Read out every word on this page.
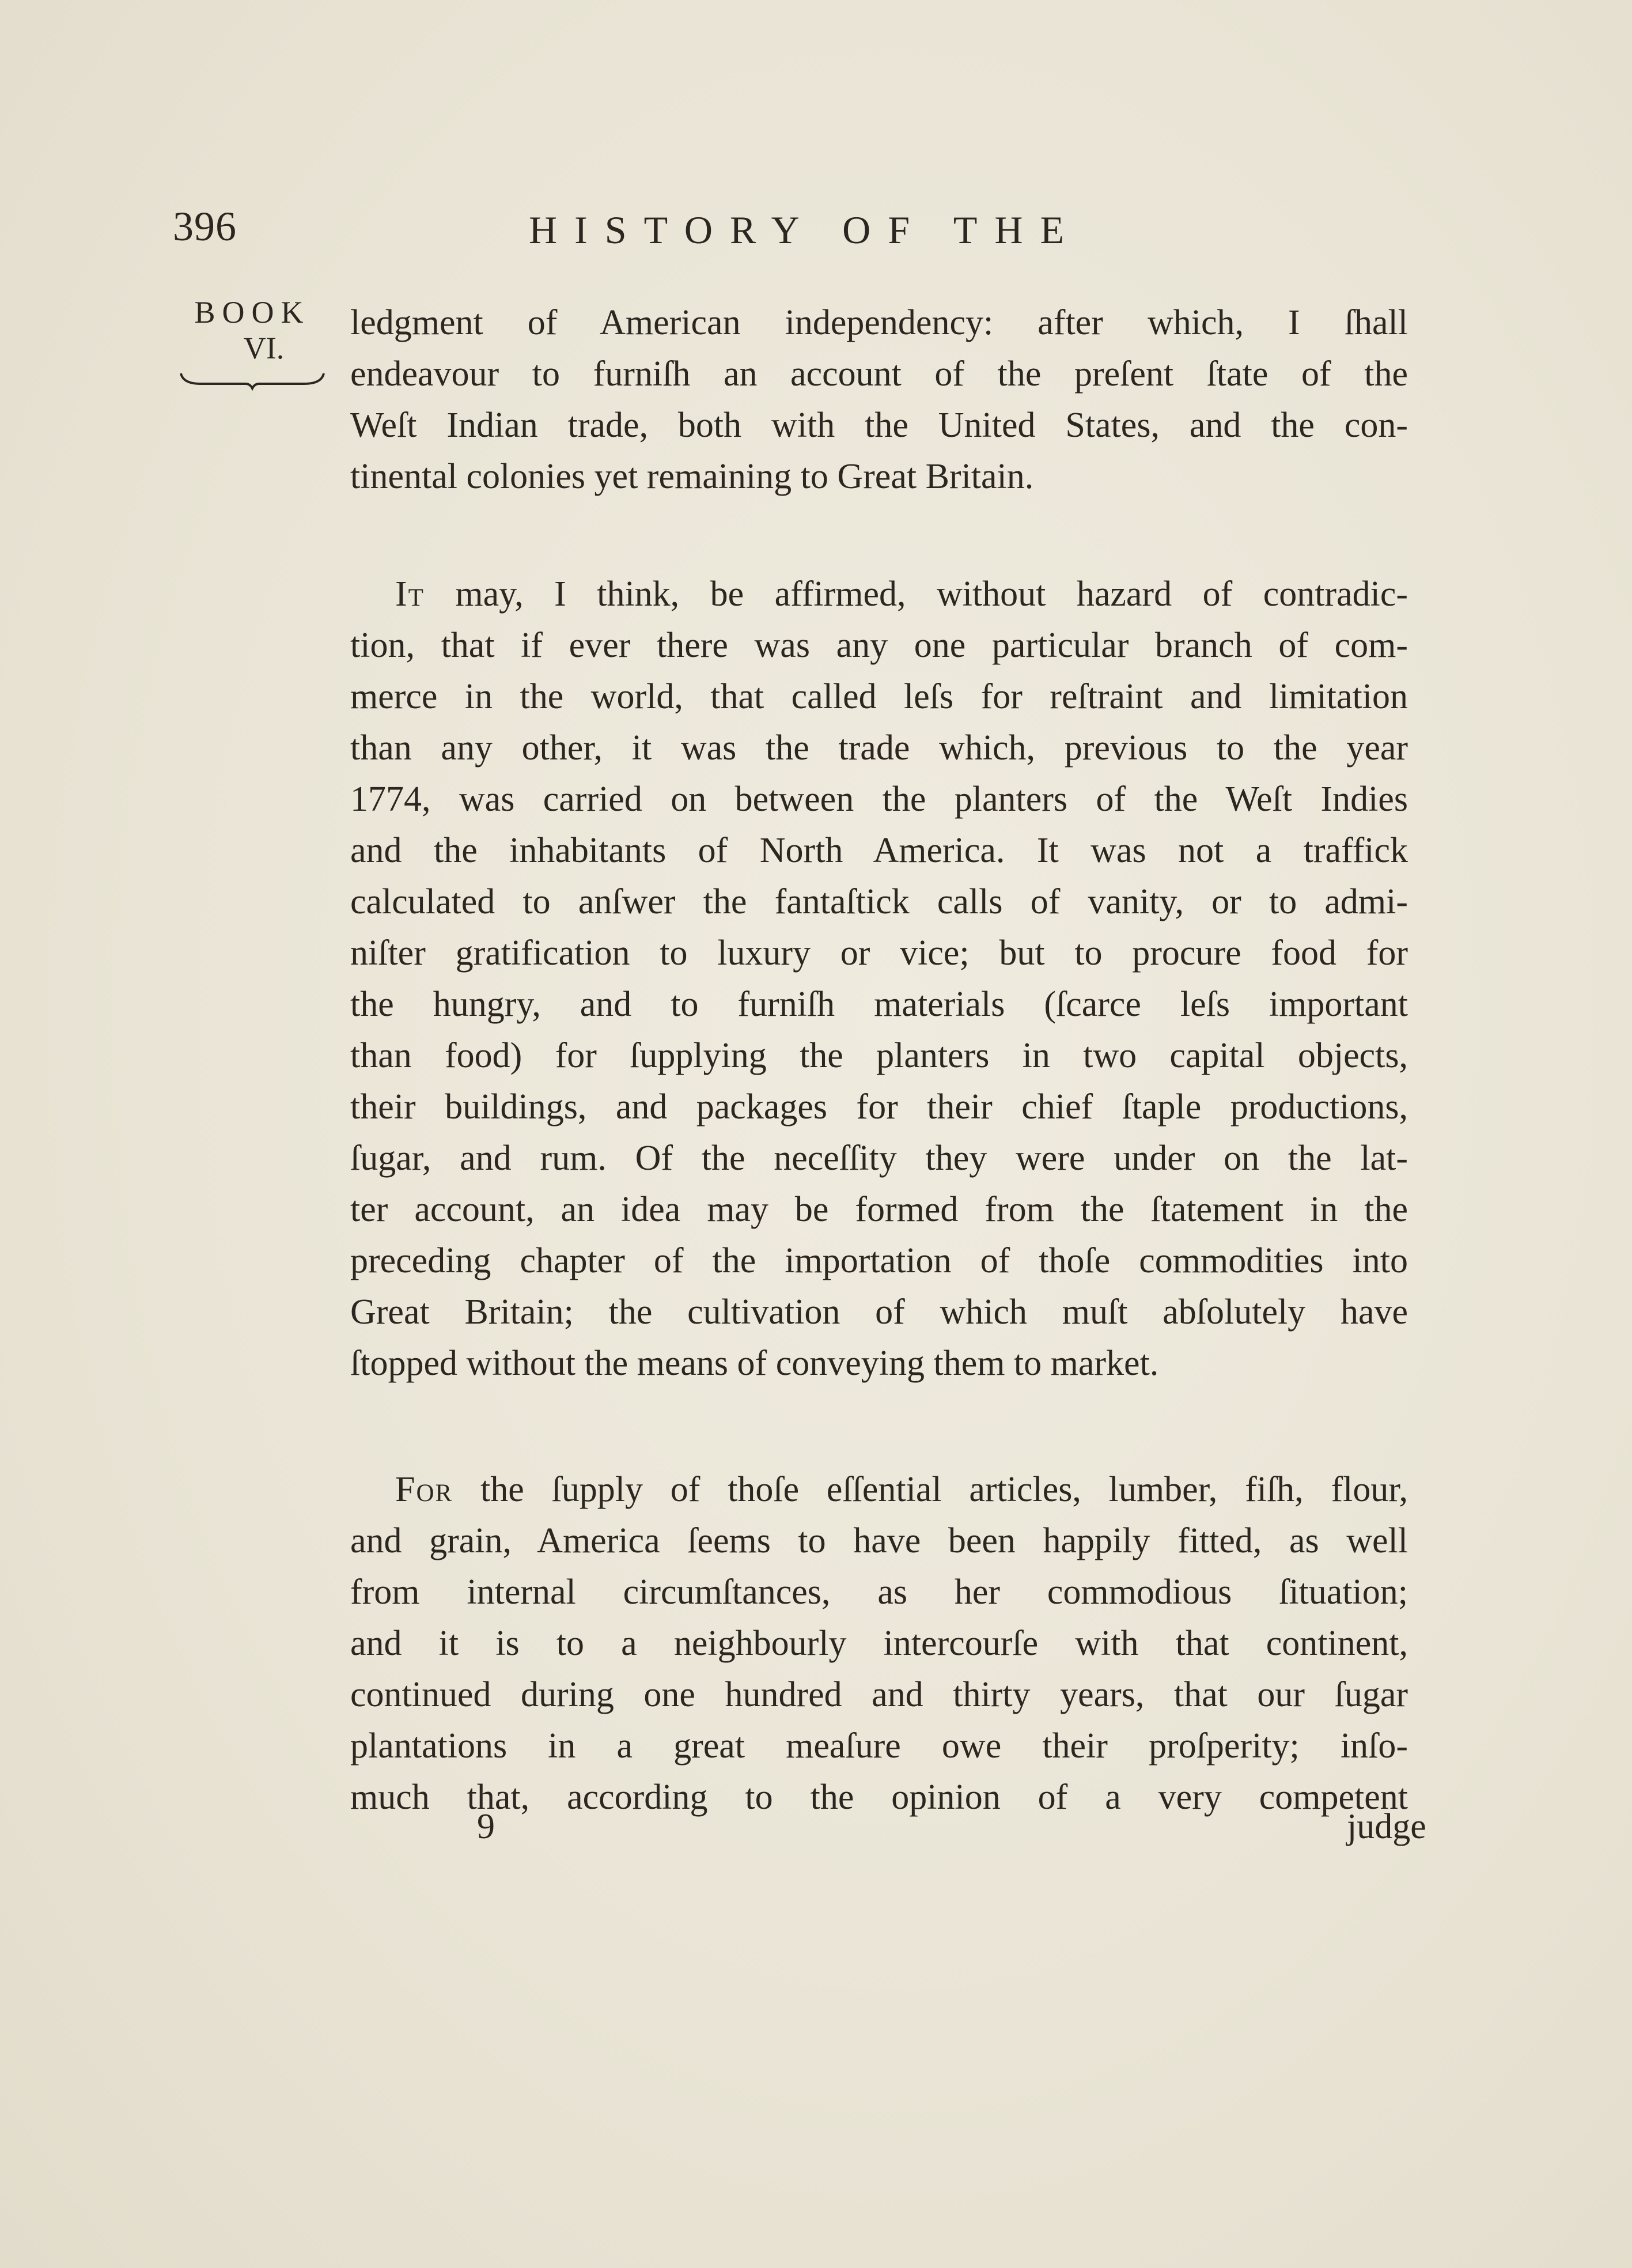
396	HISTORY OF THE
BOOK
VI.
ledgment of American independency: after which, I ſhall
endeavour to furniſh an account of the preſent ſtate of the
Weſt Indian trade, both with the United States, and the con-
tinental colonies yet remaining to Great Britain.
It may, I think, be affirmed, without hazard of contradic-
tion, that if ever there was any one particular branch of com-
merce in the world, that called leſs for reſtraint and limitation
than any other, it was the trade which, previous to the year
1774, was carried on between the planters of the Weſt Indies
and the inhabitants of North America. It was not a traffick
calculated to anſwer the fantaſtick calls of vanity, or to admi-
niſter gratification to luxury or vice; but to procure food for
the hungry, and to furniſh materials (ſcarce leſs important
than food) for ſupplying the planters in two capital objects,
their buildings, and packages for their chief ſtaple productions,
ſugar, and rum. Of the neceſſity they were under on the lat-
ter account, an idea may be formed from the ſtatement in the
preceding chapter of the importation of thoſe commodities into
Great Britain; the cultivation of which muſt abſolutely have
ſtopped without the means of conveying them to market.
For the ſupply of thoſe eſſential articles, lumber, fiſh, flour,
and grain, America ſeems to have been happily fitted, as well
from internal circumſtances, as her commodious ſituation;
and it is to a neighbourly intercourſe with that continent,
continued during one hundred and thirty years, that our ſugar
plantations in a great meaſure owe their proſperity; inſo-
much that, according to the opinion of a very competent
9	judge
